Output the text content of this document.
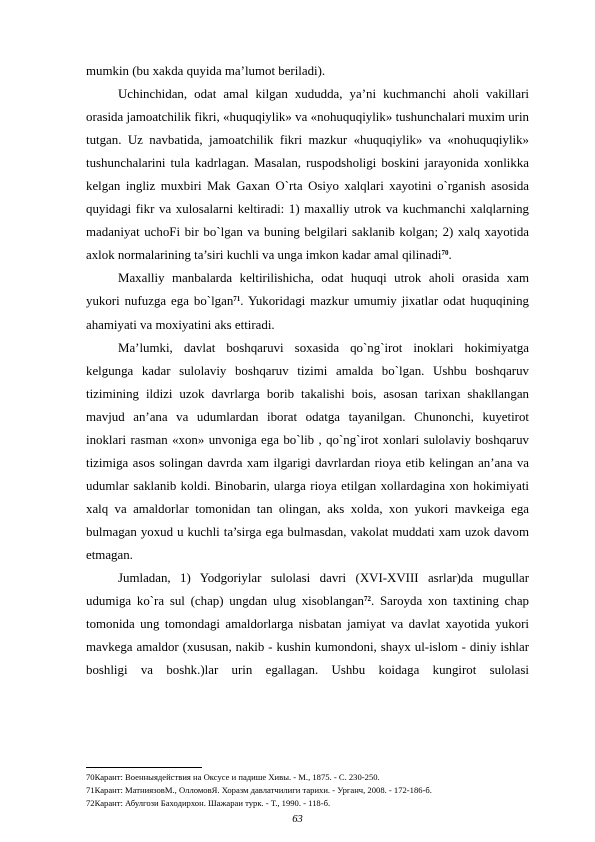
mumkin (bu xakda quyida ma’lumot beriladi).

Uchinchidan, odat amal kilgan xududda, ya’ni kuchmanchi aholi vakillari orasida jamoatchilik fikri, «huquqiylik» va «nohuquqiylik» tushunchalari muxim urin tutgan. Uz navbatida, jamoatchilik fikri mazkur «huquqiylik» va «nohuquqiylik» tushunchalarini tula kadrlagan. Masalan, ruspodsholigi boskini jarayonida xonlikka kelgan ingliz muxbiri Mak Gaxan O`rta Osiyo xalqlari xayotini o`rganish asosida quyidagi fikr va xulosalarni keltiradi: 1) maxalliy utrok va kuchmanchi xalqlarning madaniyat uchoFi bir bo`lgan va buning belgilari saklanib kolgan; 2) xalq xayotida axlok normalarining ta’siri kuchli va unga imkon kadar amal qilinadi$^{70}$.

Maxalliy manbalarda keltirilishicha, odat huquqi utrok aholi orasida xam yukori nufuzga ega bo`lgan$^{71}$. Yukoridagi mazkur umumiy jixatlar odat huquqining ahamiyati va moxiyatini aks ettiradi.

Ma’lumki, davlat boshqaruvi soxasida qo`ng`irot inoklari hokimiyatga kelgunga kadar sulolaviy boshqaruv tizimi amalda bo`lgan. Ushbu boshqaruv tizimining ildizi uzok davrlarga borib takalishi bois, asosan tarixan shakllangan mavjud an’ana va udumlardan iborat odatga tayanilgan. Chunonchi, kuyetirot inoklari rasman «xon» unvoniga ega bo`lib , qo`ng`irot xonlari sulolaviy boshqaruv tizimiga asos solingan davrda xam ilgarigi davrlardan rioya etib kelingan an’ana va udumlar saklanib koldi. Binobarin, ularga rioya etilgan xollardagina xon hokimiyati xalq va amaldorlar tomonidan tan olingan, aks xolda, xon yukori mavkeiga ega bulmagan yoxud u kuchli ta’sirga ega bulmasdan, vakolat muddati xam uzok davom etmagan.

Jumladan, 1) Yodgoriylar sulolasi davri (XVI-XVIII asrlar)da mugullar udumiga ko`ra sul (chap) ungdan ulug xisoblangan$^{72}$. Saroyda xon taxtining chap tomonida ung tomondagi amaldorlarga nisbatan jamiyat va davlat xayotida yukori mavkega amaldor (xususan, nakib - kushin kumondoni, shayx ul-islom - diniy ishlar boshligi va boshk.)lar urin egallagan. Ushbu koidaga kungirot sulolasi

70Карант: Военныядействия на Оксусе и падише Хивы. - М., 1875. - С. 230-250.
71Карант: МатниязовМ., ОлломовЯ. Хоразм давлатчилиги тарихи. - Урганч, 2008. - 172-186-б.
72Карант: Абулгози Баходирхон. Шажараи турк. - Т., 1990. - 118-б.
63
